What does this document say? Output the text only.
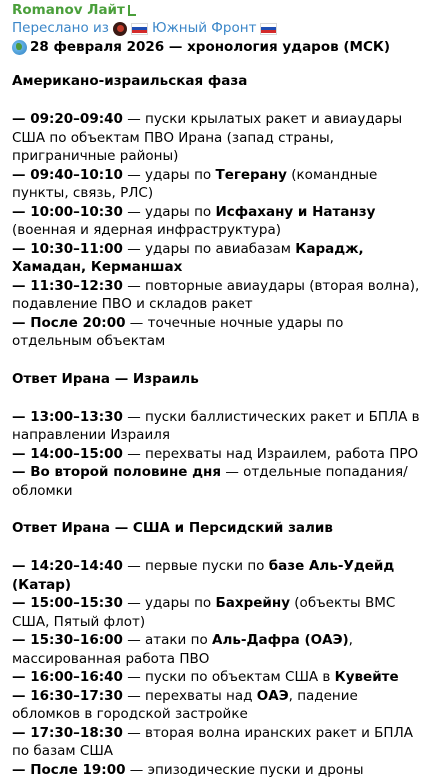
Romanov Лайт
Переслано из	Южный Фронт
28 февраля 2026 — хронология ударов (МСК)
Американо-израильская фаза
— 09:20–09:40 — пуски крылатых ракет и авиаудары США по объектам ПВО Ирана (запад страны, приграничные районы)
— 09:40–10:10 — удары по Тегерану (командные пункты, связь, РЛС)
— 10:00–10:30 — удары по Исфахану и Натанзу (военная и ядерная инфраструктура)
— 10:30–11:00 — удары по авиабазам Карадж, Хамадан, Керманшах
— 11:30–12:30 — повторные авиаудары (вторая волна), подавление ПВО и складов ракет
— После 20:00 — точечные ночные удары по отдельным объектам
Ответ Ирана — Израиль
— 13:00–13:30 — пуски баллистических ракет и БПЛА в направлении Израиля
— 14:00–15:00 — перехваты над Израилем, работа ПРО
— Во второй половине дня — отдельные попадания/обломки
Ответ Ирана — США и Персидский залив
— 14:20–14:40 — первые пуски по базе Аль-Удейд (Катар)
— 15:00–15:30 — удары по Бахрейну (объекты ВМС США, Пятый флот)
— 15:30–16:00 — атаки по Аль-Дафра (ОАЭ), массированная работа ПВО
— 16:00–16:40 — пуски по объектам США в Кувейте
— 16:30–17:30 — перехваты над ОАЭ, падение обломков в городской застройке
— 17:30–18:30 — вторая волна иранских ракет и БПЛА по базам США
— После 19:00 — эпизодические пуски и дроны
